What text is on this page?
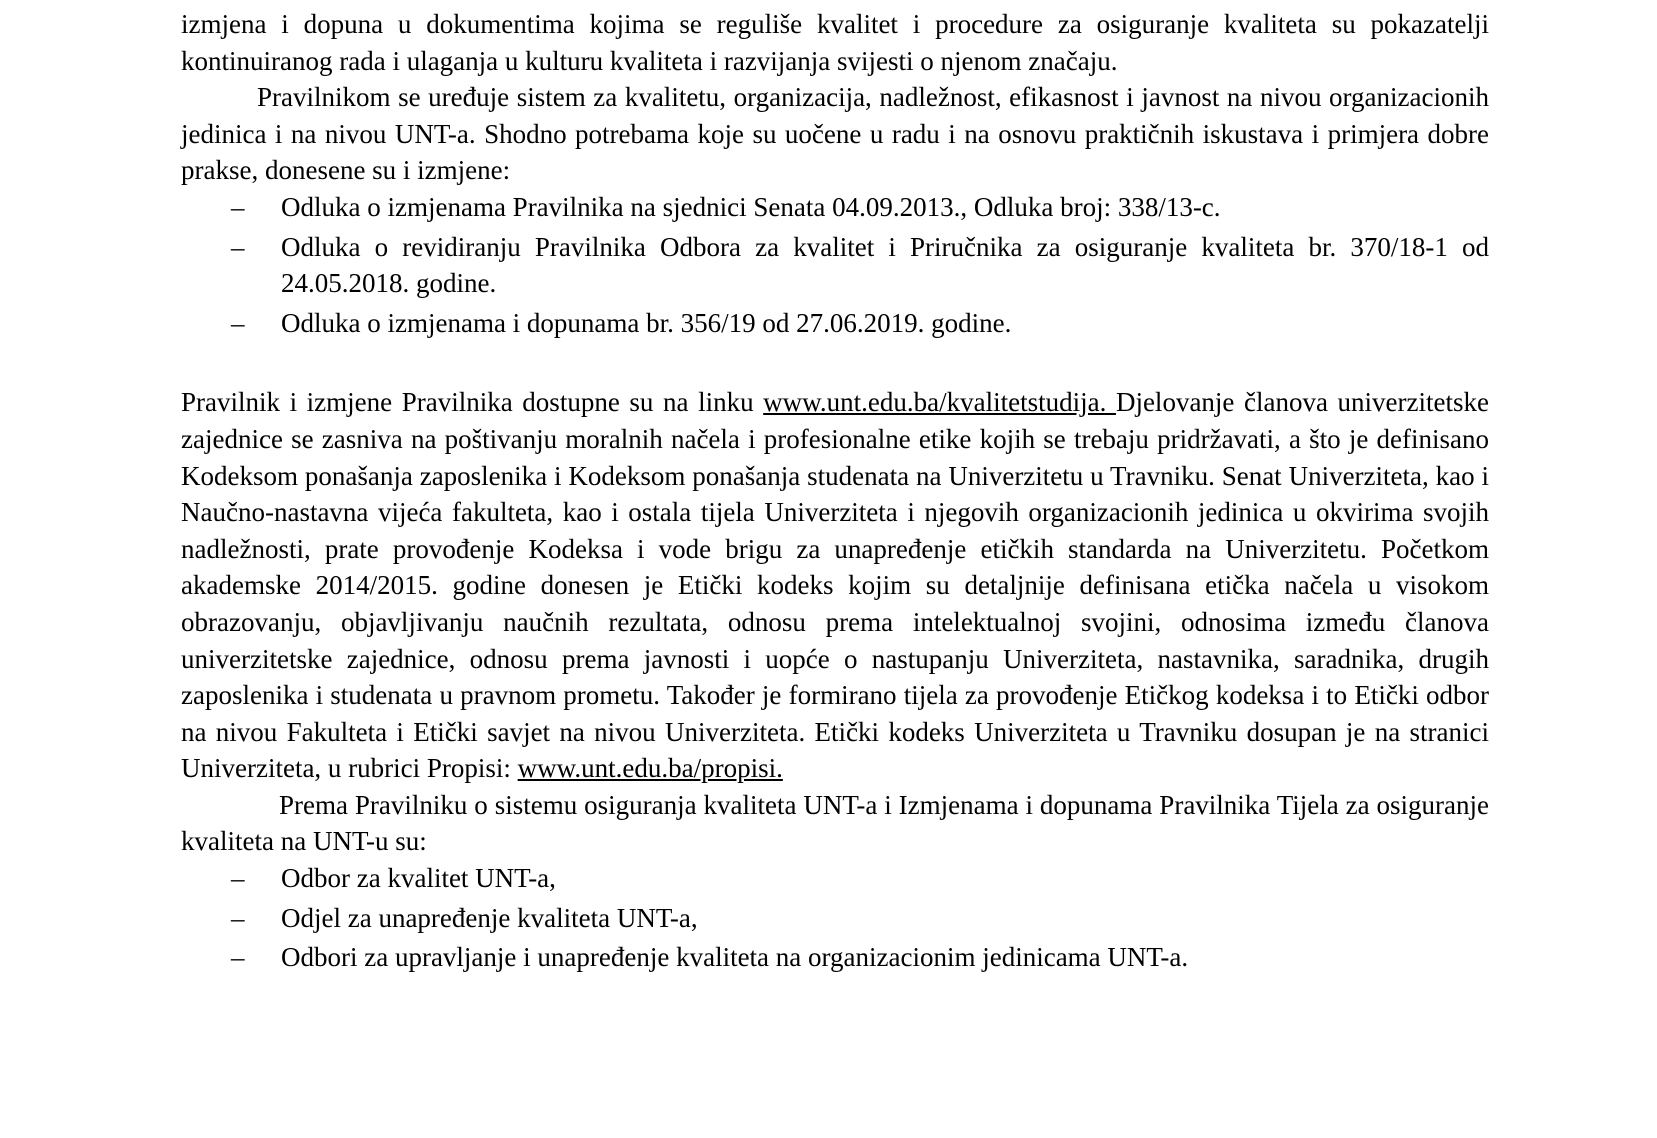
izmjena i dopuna u dokumentima kojima se reguliše kvalitet i procedure za osiguranje kvaliteta su pokazatelji kontinuiranog rada i ulaganja u kulturu kvaliteta i razvijanja svijesti o njenom značaju.

Pravilnikom se uređuje sistem za kvalitetu, organizacija, nadležnost, efikasnost i javnost na nivou organizacionih jedinica i na nivou UNT-a. Shodno potrebama koje su uočene u radu i na osnovu praktičnih iskustava i primjera dobre prakse, donesene su i izmjene:

– Odluka o izmjenama Pravilnika na sjednici Senata 04.09.2013., Odluka broj: 338/13-c.
– Odluka o revidiranju Pravilnika Odbora za kvalitet i Priručnika za osiguranje kvaliteta br. 370/18-1 od 24.05.2018. godine.
– Odluka o izmjenama i dopunama br. 356/19 od 27.06.2019. godine.

Pravilnik i izmjene Pravilnika dostupne su na linku www.unt.edu.ba/kvalitetstudija. Djelovanje članova univerzitetske zajednice se zasniva na poštivanju moralnih načela i profesionalne etike kojih se trebaju pridržavati, a što je definisano Kodeksom ponašanja zaposlenika i Kodeksom ponašanja studenata na Univerzitetu u Travniku. Senat Univerziteta, kao i Naučno-nastavna vijeća fakulteta, kao i ostala tijela Univerziteta i njegovih organizacionih jedinica u okvirima svojih nadležnosti, prate provođenje Kodeksa i vode brigu za unapređenje etičkih standarda na Univerzitetu. Početkom akademske 2014/2015. godine donesen je Etički kodeks kojim su detaljnije definisana etička načela u visokom obrazovanju, objavljivanju naučnih rezultata, odnosu prema intelektualnoj svojini, odnosima između članova univerzitetske zajednice, odnosu prema javnosti i uopće o nastupanju Univerziteta, nastavnika, saradnika, drugih zaposlenika i studenata u pravnom prometu. Također je formirano tijela za provođenje Etičkog kodeksa i to Etički odbor na nivou Fakulteta i Etički savjet na nivou Univerziteta. Etički kodeks Univerziteta u Travniku dosupan je na stranici Univerziteta, u rubrici Propisi: www.unt.edu.ba/propisi.

Prema Pravilniku o sistemu osiguranja kvaliteta UNT-a i Izmjenama i dopunama Pravilnika Tijela za osiguranje kvaliteta na UNT-u su:

– Odbor za kvalitet UNT-a,
– Odjel za unapređenje kvaliteta UNT-a,
– Odbori za upravljanje i unapređenje kvaliteta na organizacionim jedinicama UNT-a.
